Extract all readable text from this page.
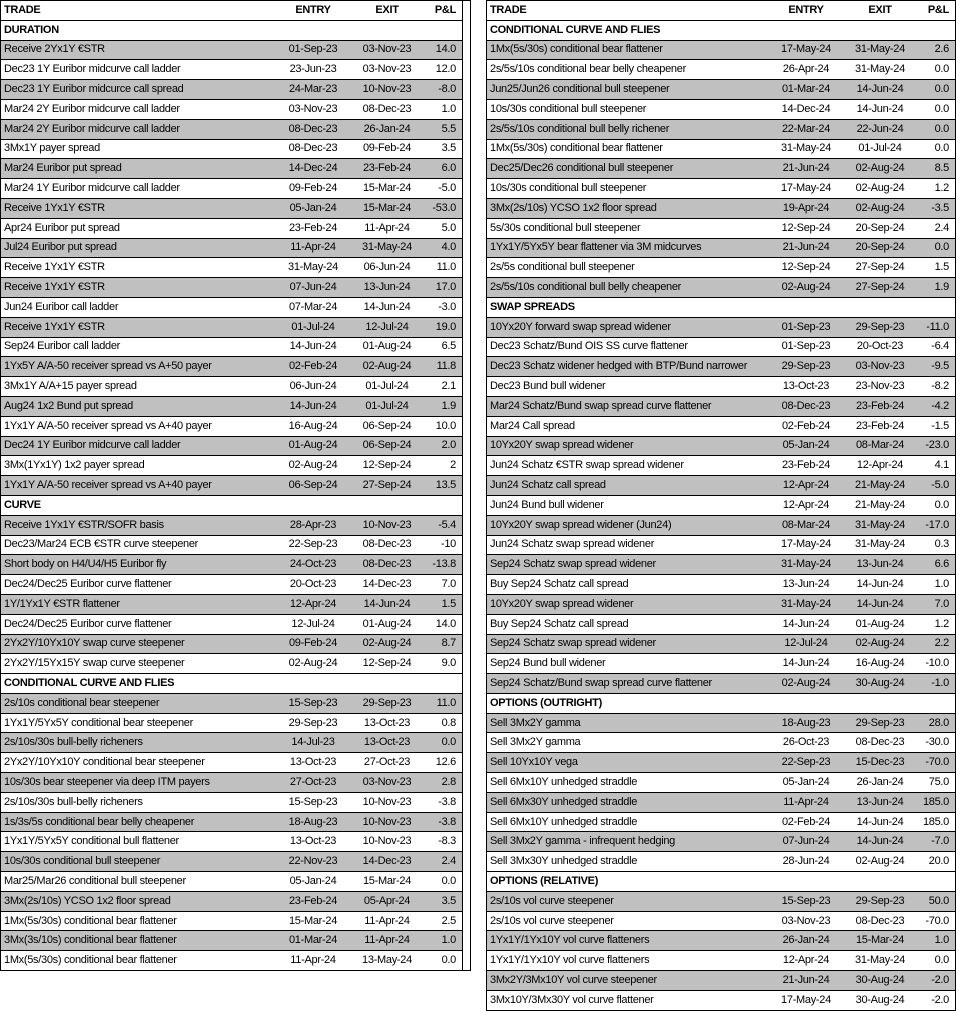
TRADE	ENTRY	EXIT	P&L
DURATION
Receive 2Yx1Y €STR	01-Sep-23	03-Nov-23	14.0
Dec23 1Y Euribor midcurve call ladder	23-Jun-23	03-Nov-23	12.0
Dec23 1Y Euribor midcurce call spread	24-Mar-23	10-Nov-23	-8.0
Mar24 2Y Euribor midcurve call ladder	03-Nov-23	08-Dec-23	1.0
Mar24 2Y Euribor midcurve call ladder	08-Dec-23	26-Jan-24	5.5
3Mx1Y payer spread	08-Dec-23	09-Feb-24	3.5
Mar24 Euribor put spread	14-Dec-24	23-Feb-24	6.0
Mar24 1Y Euribor midcurve call ladder	09-Feb-24	15-Mar-24	-5.0
Receive 1Yx1Y €STR	05-Jan-24	15-Mar-24	-53.0
Apr24 Euribor put spread	23-Feb-24	11-Apr-24	5.0
Jul24 Euribor put spread	11-Apr-24	31-May-24	4.0
Receive 1Yx1Y €STR	31-May-24	06-Jun-24	11.0
Receive 1Yx1Y €STR	07-Jun-24	13-Jun-24	17.0
Jun24 Euribor call ladder	07-Mar-24	14-Jun-24	-3.0
Receive 1Yx1Y €STR	01-Jul-24	12-Jul-24	19.0
Sep24 Euribor call ladder	14-Jun-24	01-Aug-24	6.5
1Yx5Y A/A-50 receiver spread vs A+50 payer	02-Feb-24	02-Aug-24	11.8
3Mx1Y A/A+15 payer spread	06-Jun-24	01-Jul-24	2.1
Aug24 1x2 Bund put spread	14-Jun-24	01-Jul-24	1.9
1Yx1Y A/A-50 receiver spread vs A+40 payer	16-Aug-24	06-Sep-24	10.0
Dec24 1Y Euribor midcurve call ladder	01-Aug-24	06-Sep-24	2.0
3Mx(1Yx1Y) 1x2 payer spread	02-Aug-24	12-Sep-24	2
1Yx1Y A/A-50 receiver spread vs A+40 payer	06-Sep-24	27-Sep-24	13.5
CURVE
Receive 1Yx1Y €STR/SOFR basis	28-Apr-23	10-Nov-23	-5.4
Dec23/Mar24 ECB €STR curve steepener	22-Sep-23	08-Dec-23	-10
Short body on H4/U4/H5 Euribor fly	24-Oct-23	08-Dec-23	-13.8
Dec24/Dec25 Euribor curve flattener	20-Oct-23	14-Dec-23	7.0
1Y/1Yx1Y €STR flattener	12-Apr-24	14-Jun-24	1.5
Dec24/Dec25 Euribor curve flattener	12-Jul-24	01-Aug-24	14.0
2Yx2Y/10Yx10Y swap curve steepener	09-Feb-24	02-Aug-24	8.7
2Yx2Y/15Yx15Y swap curve steepener	02-Aug-24	12-Sep-24	9.0
CONDITIONAL CURVE AND FLIES
2s/10s conditional bear steepener	15-Sep-23	29-Sep-23	11.0
1Yx1Y/5Yx5Y conditional bear steepener	29-Sep-23	13-Oct-23	0.8
2s/10s/30s bull-belly richeners	14-Jul-23	13-Oct-23	0.0
2Yx2Y/10Yx10Y conditional bear steepener	13-Oct-23	27-Oct-23	12.6
10s/30s bear steepener via deep ITM payers	27-Oct-23	03-Nov-23	2.8
2s/10s/30s bull-belly richeners	15-Sep-23	10-Nov-23	-3.8
1s/3s/5s conditional bear belly cheapener	18-Aug-23	10-Nov-23	-3.8
1Yx1Y/5Yx5Y conditional bull flattener	13-Oct-23	10-Nov-23	-8.3
10s/30s conditional bull steepener	22-Nov-23	14-Dec-23	2.4
Mar25/Mar26 conditional bull steepener	05-Jan-24	15-Mar-24	0.0
3Mx(2s/10s) YCSO 1x2 floor spread	23-Feb-24	05-Apr-24	3.5
1Mx(5s/30s) conditional bear flattener	15-Mar-24	11-Apr-24	2.5
3Mx(3s/10s) conditional bear flattener	01-Mar-24	11-Apr-24	1.0
1Mx(5s/30s) conditional bear flattener	11-Apr-24	13-May-24	0.0
TRADE	ENTRY	EXIT	P&L
CONDITIONAL CURVE AND FLIES
1Mx(5s/30s) conditional bear flattener	17-May-24	31-May-24	2.6
2s/5s/10s conditional bear belly cheapener	26-Apr-24	31-May-24	0.0
Jun25/Jun26 conditional bull steepener	01-Mar-24	14-Jun-24	0.0
10s/30s conditional bull steepener	14-Dec-24	14-Jun-24	0.0
2s/5s/10s conditional bull belly richener	22-Mar-24	22-Jun-24	0.0
1Mx(5s/30s) conditional bear flattener	31-May-24	01-Jul-24	0.0
Dec25/Dec26 conditional bull steepener	21-Jun-24	02-Aug-24	8.5
10s/30s conditional bull steepener	17-May-24	02-Aug-24	1.2
3Mx(2s/10s) YCSO 1x2 floor spread	19-Apr-24	02-Aug-24	-3.5
5s/30s conditional bull steepener	12-Sep-24	20-Sep-24	2.4
1Yx1Y/5Yx5Y bear flattener via 3M midcurves	21-Jun-24	20-Sep-24	0.0
2s/5s conditional bull steepener	12-Sep-24	27-Sep-24	1.5
2s/5s/10s conditional bull belly cheapener	02-Aug-24	27-Sep-24	1.9
SWAP SPREADS
10Yx20Y forward swap spread widener	01-Sep-23	29-Sep-23	-11.0
Dec23 Schatz/Bund OIS SS curve flattener	01-Sep-23	20-Oct-23	-6.4
Dec23 Schatz widener hedged with BTP/Bund narrower	29-Sep-23	03-Nov-23	-9.5
Dec23 Bund bull widener	13-Oct-23	23-Nov-23	-8.2
Mar24 Schatz/Bund swap spread curve flattener	08-Dec-23	23-Feb-24	-4.2
Mar24 Call spread	02-Feb-24	23-Feb-24	-1.5
10Yx20Y swap spread widener	05-Jan-24	08-Mar-24	-23.0
Jun24 Schatz €STR swap spread widener	23-Feb-24	12-Apr-24	4.1
Jun24 Schatz call spread	12-Apr-24	21-May-24	-5.0
Jun24 Bund bull widener	12-Apr-24	21-May-24	0.0
10Yx20Y swap spread widener (Jun24)	08-Mar-24	31-May-24	-17.0
Jun24 Schatz swap spread widener	17-May-24	31-May-24	0.3
Sep24 Schatz swap spread widener	31-May-24	13-Jun-24	6.6
Buy Sep24 Schatz call spread	13-Jun-24	14-Jun-24	1.0
10Yx20Y swap spread widener	31-May-24	14-Jun-24	7.0
Buy Sep24 Schatz call spread	14-Jun-24	01-Aug-24	1.2
Sep24 Schatz swap spread widener	12-Jul-24	02-Aug-24	2.2
Sep24 Bund bull widener	14-Jun-24	16-Aug-24	-10.0
Sep24 Schatz/Bund swap spread curve flattener	02-Aug-24	30-Aug-24	-1.0
OPTIONS (OUTRIGHT)
Sell 3Mx2Y gamma	18-Aug-23	29-Sep-23	28.0
Sell 3Mx2Y gamma	26-Oct-23	08-Dec-23	-30.0
Sell 10Yx10Y vega	22-Sep-23	15-Dec-23	-70.0
Sell 6Mx10Y unhedged straddle	05-Jan-24	26-Jan-24	75.0
Sell 6Mx30Y unhedged straddle	11-Apr-24	13-Jun-24	185.0
Sell 6Mx10Y unhedged straddle	02-Feb-24	14-Jun-24	185.0
Sell 3Mx2Y gamma - infrequent hedging	07-Jun-24	14-Jun-24	-7.0
Sell 3Mx30Y unhedged straddle	28-Jun-24	02-Aug-24	20.0
OPTIONS (RELATIVE)
2s/10s vol curve steepener	15-Sep-23	29-Sep-23	50.0
2s/10s vol curve steepener	03-Nov-23	08-Dec-23	-70.0
1Yx1Y/1Yx10Y vol curve flatteners	26-Jan-24	15-Mar-24	1.0
1Yx1Y/1Yx10Y vol curve flatteners	12-Apr-24	31-May-24	0.0
3Mx2Y/3Mx10Y vol curve steepener	21-Jun-24	30-Aug-24	-2.0
3Mx10Y/3Mx30Y vol curve flattener	17-May-24	30-Aug-24	-2.0
